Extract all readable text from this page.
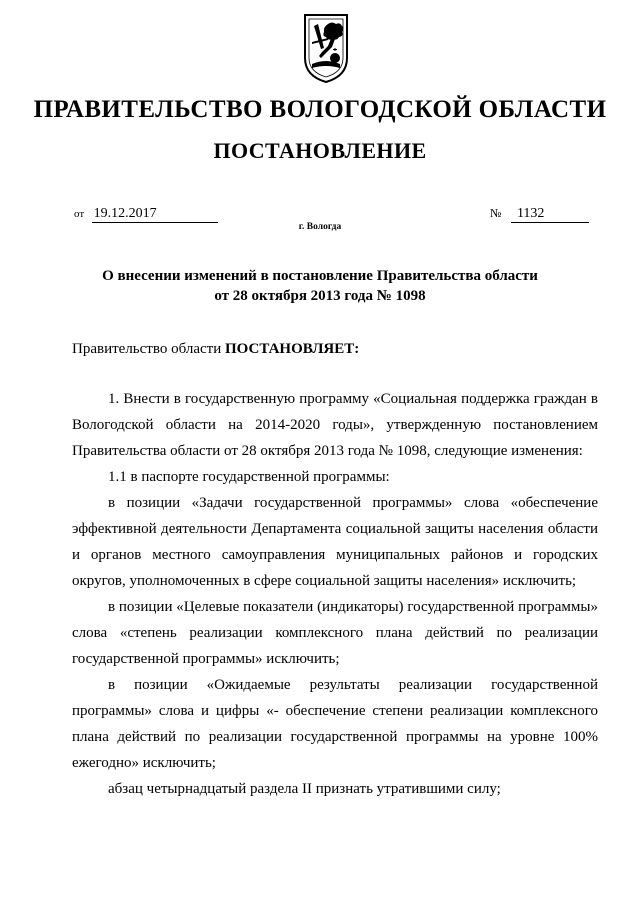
ПРАВИТЕЛЬСТВО ВОЛОГОДСКОЙ ОБЛАСТИ
ПОСТАНОВЛЕНИЕ
от 19.12.2017	№ 1132
г. Вологда
О внесении изменений в постановление Правительства области
от 28 октября 2013 года № 1098
Правительство области ПОСТАНОВЛЯЕТ:

1. Внести в государственную программу «Социальная поддержка граждан в Вологодской области на 2014-2020 годы», утвержденную постановлением Правительства области от 28 октября 2013 года № 1098, следующие изменения:

1.1 в паспорте государственной программы:

в позиции «Задачи государственной программы» слова «обеспечение эффективной деятельности Департамента социальной защиты населения области и органов местного самоуправления муниципальных районов и городских округов, уполномоченных в сфере социальной защиты населения» исключить;

в позиции «Целевые показатели (индикаторы) государственной программы» слова «степень реализации комплексного плана действий по реализации государственной программы» исключить;

в позиции «Ожидаемые результаты реализации государственной программы» слова и цифры «- обеспечение степени реализации комплексного плана действий по реализации государственной программы на уровне 100% ежегодно» исключить;

абзац четырнадцатый раздела II признать утратившими силу;
